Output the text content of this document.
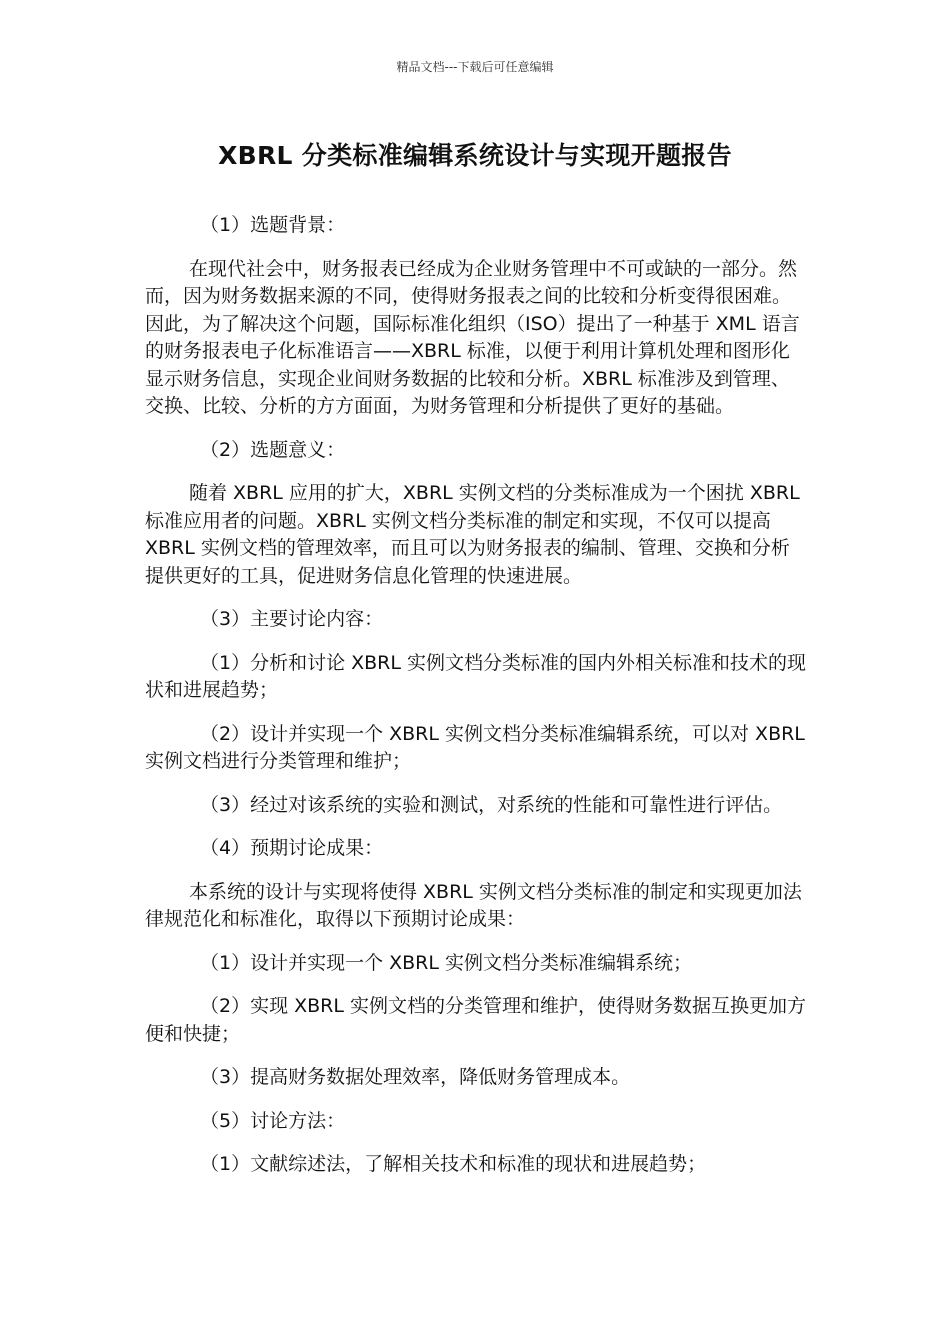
精品文档---下载后可任意编辑
XBRL 分类标准编辑系统设计与实现开题报告

（1）选题背景：

在现代社会中，财务报表已经成为企业财务管理中不可或缺的一部分。然而，因为财务数据来源的不同，使得财务报表之间的比较和分析变得很困难。因此，为了解决这个问题，国际标准化组织（ISO）提出了一种基于 XML 语言的财务报表电子化标准语言——XBRL 标准，以便于利用计算机处理和图形化显示财务信息，实现企业间财务数据的比较和分析。XBRL 标准涉及到管理、交换、比较、分析的方方面面，为财务管理和分析提供了更好的基础。

（2）选题意义：

随着 XBRL 应用的扩大，XBRL 实例文档的分类标准成为一个困扰 XBRL 标准应用者的问题。XBRL 实例文档分类标准的制定和实现，不仅可以提高 XBRL 实例文档的管理效率，而且可以为财务报表的编制、管理、交换和分析提供更好的工具，促进财务信息化管理的快速进展。

（3）主要讨论内容：

（1）分析和讨论 XBRL 实例文档分类标准的国内外相关标准和技术的现状和进展趋势；

（2）设计并实现一个 XBRL 实例文档分类标准编辑系统，可以对 XBRL 实例文档进行分类管理和维护；

（3）经过对该系统的实验和测试，对系统的性能和可靠性进行评估。

（4）预期讨论成果：

本系统的设计与实现将使得 XBRL 实例文档分类标准的制定和实现更加法律规范化和标准化，取得以下预期讨论成果：

（1）设计并实现一个 XBRL 实例文档分类标准编辑系统；

（2）实现 XBRL 实例文档的分类管理和维护，使得财务数据互换更加方便和快捷；

（3）提高财务数据处理效率，降低财务管理成本。

（5）讨论方法：

（1）文献综述法，了解相关技术和标准的现状和进展趋势；
